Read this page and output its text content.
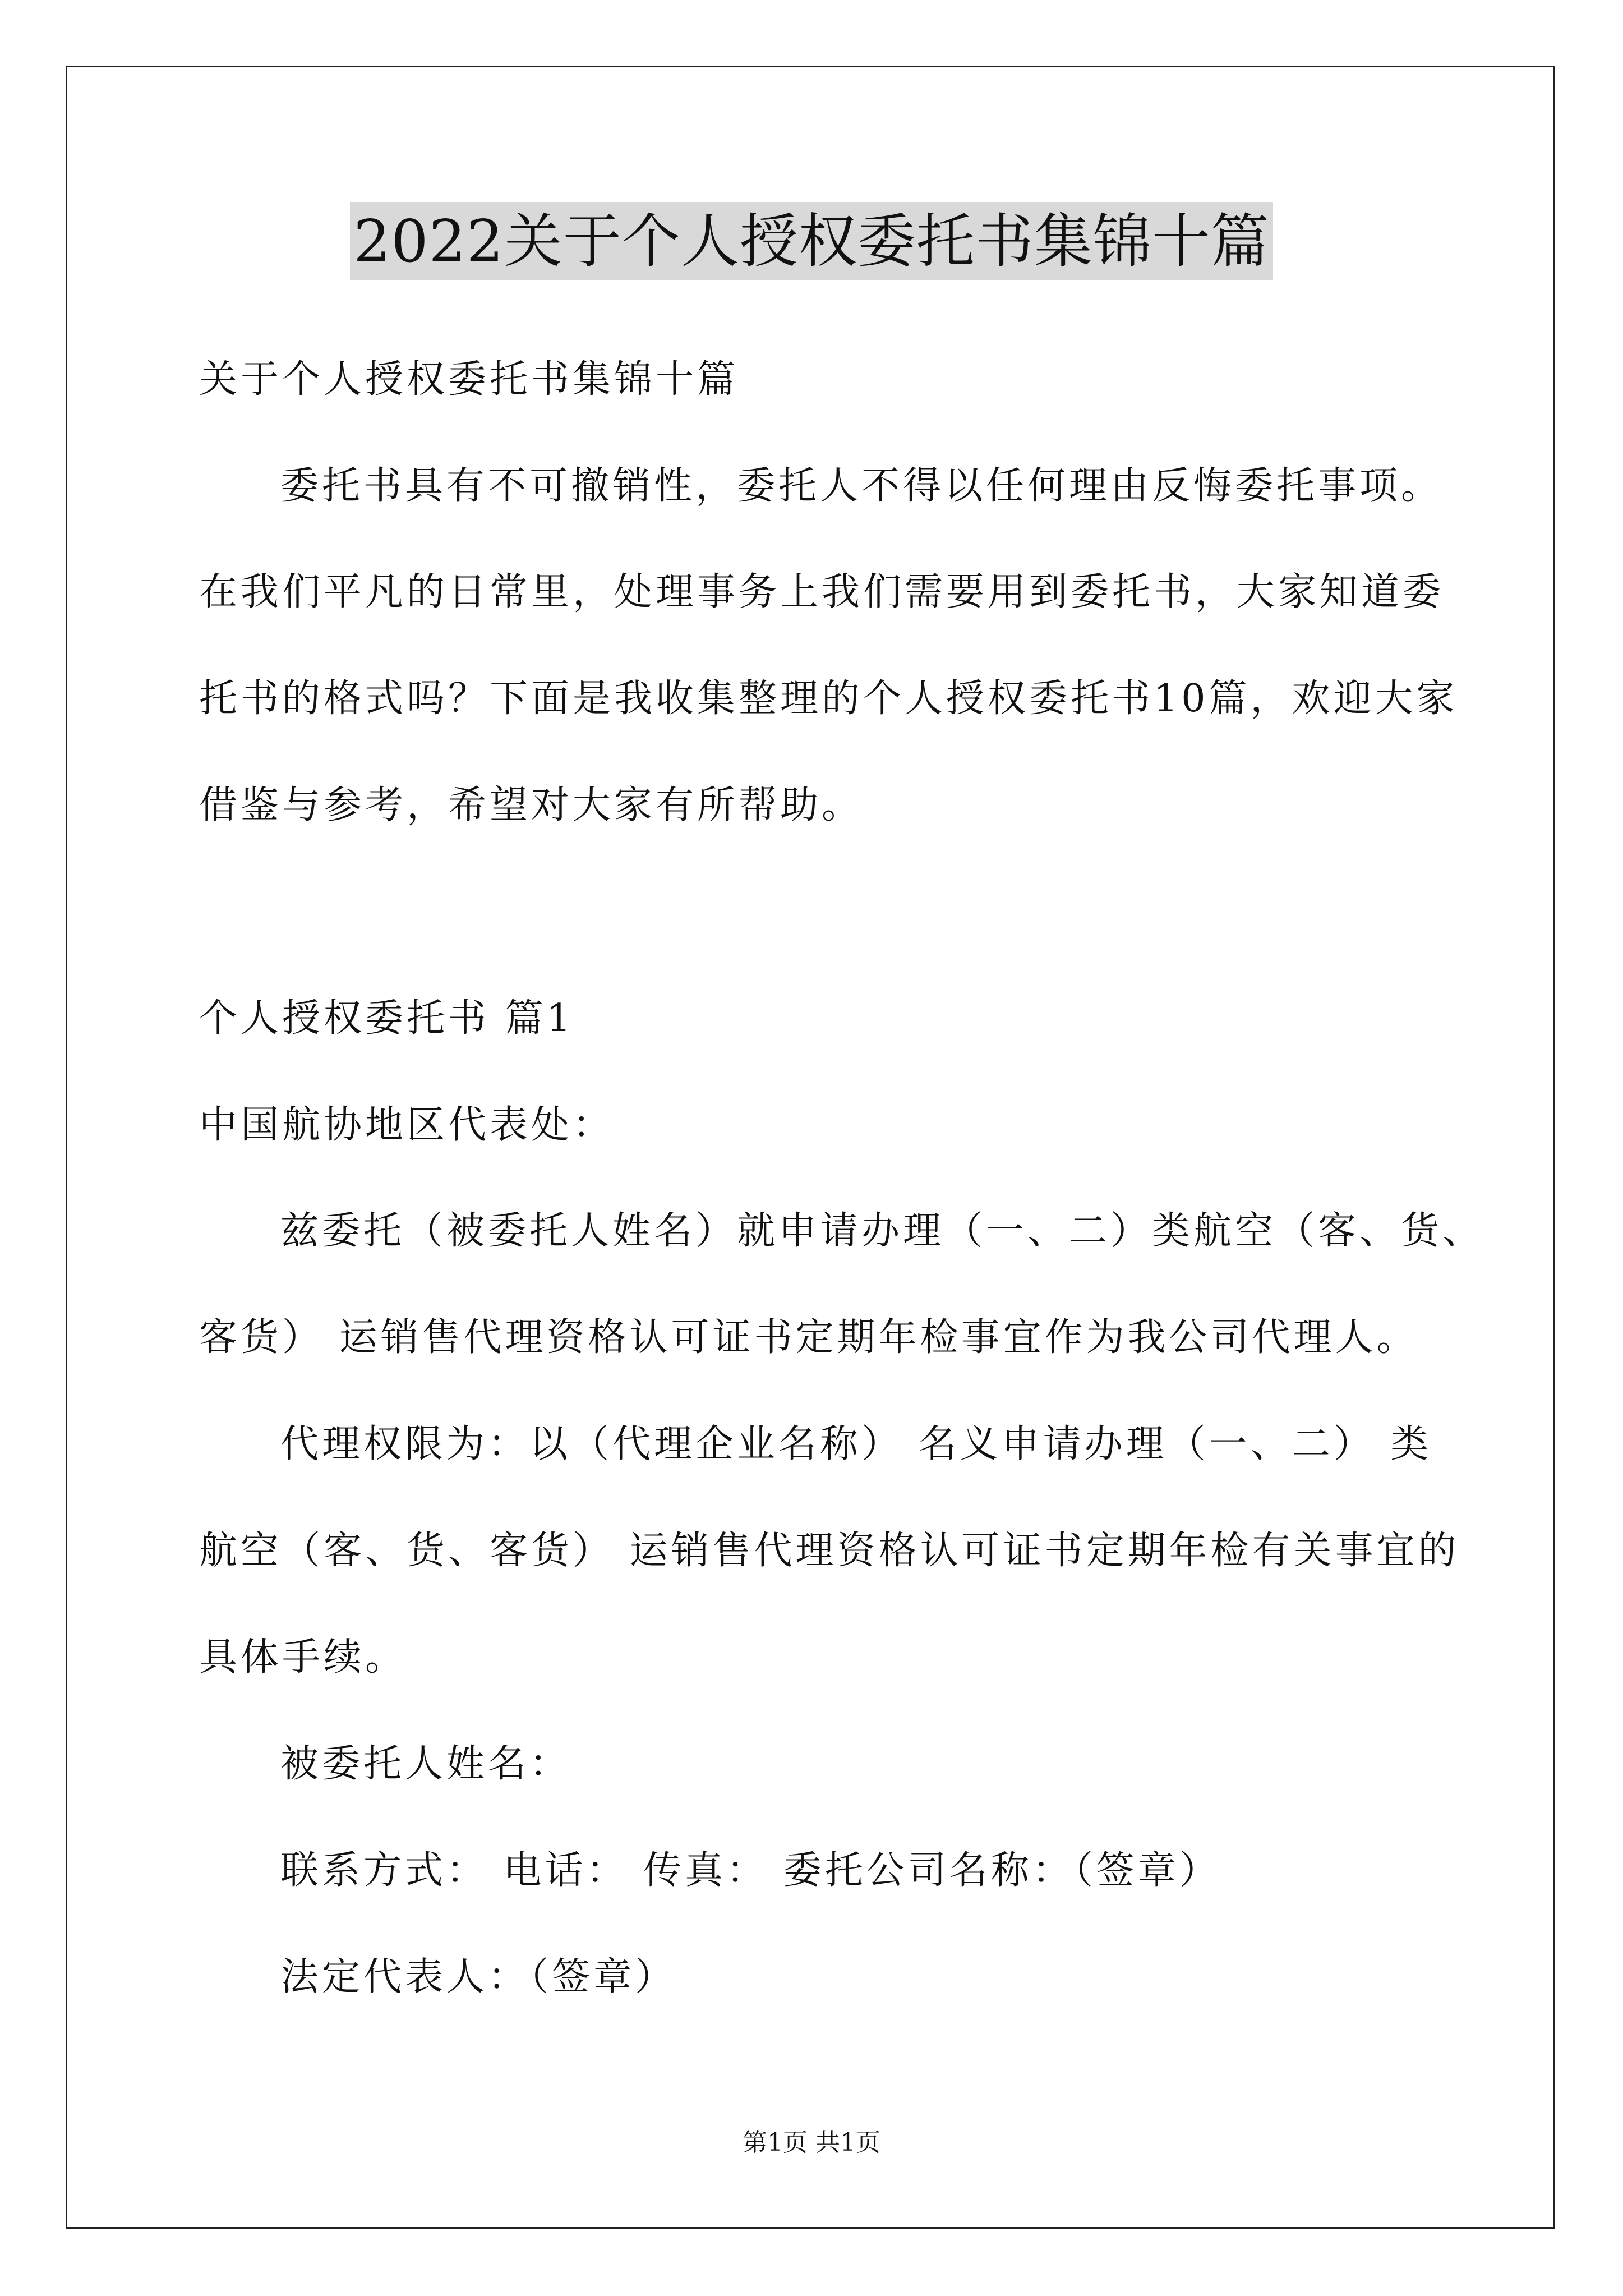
2022关于个人授权委托书集锦十篇
关于个人授权委托书集锦十篇
委托书具有不可撤销性，委托人不得以任何理由反悔委托事项。
在我们平凡的日常里，处理事务上我们需要用到委托书，大家知道委
托书的格式吗？下面是我收集整理的个人授权委托书10篇，欢迎大家
借鉴与参考，希望对大家有所帮助。
个人授权委托书 篇1
中国航协地区代表处：
兹委托（被委托人姓名）就申请办理（一、二）类航空（客、货、
客货） 运销售代理资格认可证书定期年检事宜作为我公司代理人。
代理权限为：以（代理企业名称） 名义申请办理（一、二） 类
航空（客、货、客货） 运销售代理资格认可证书定期年检有关事宜的
具体手续。
被委托人姓名：
联系方式： 电话： 传真： 委托公司名称：（签章）
法定代表人：（签章）
第1页 共1页
